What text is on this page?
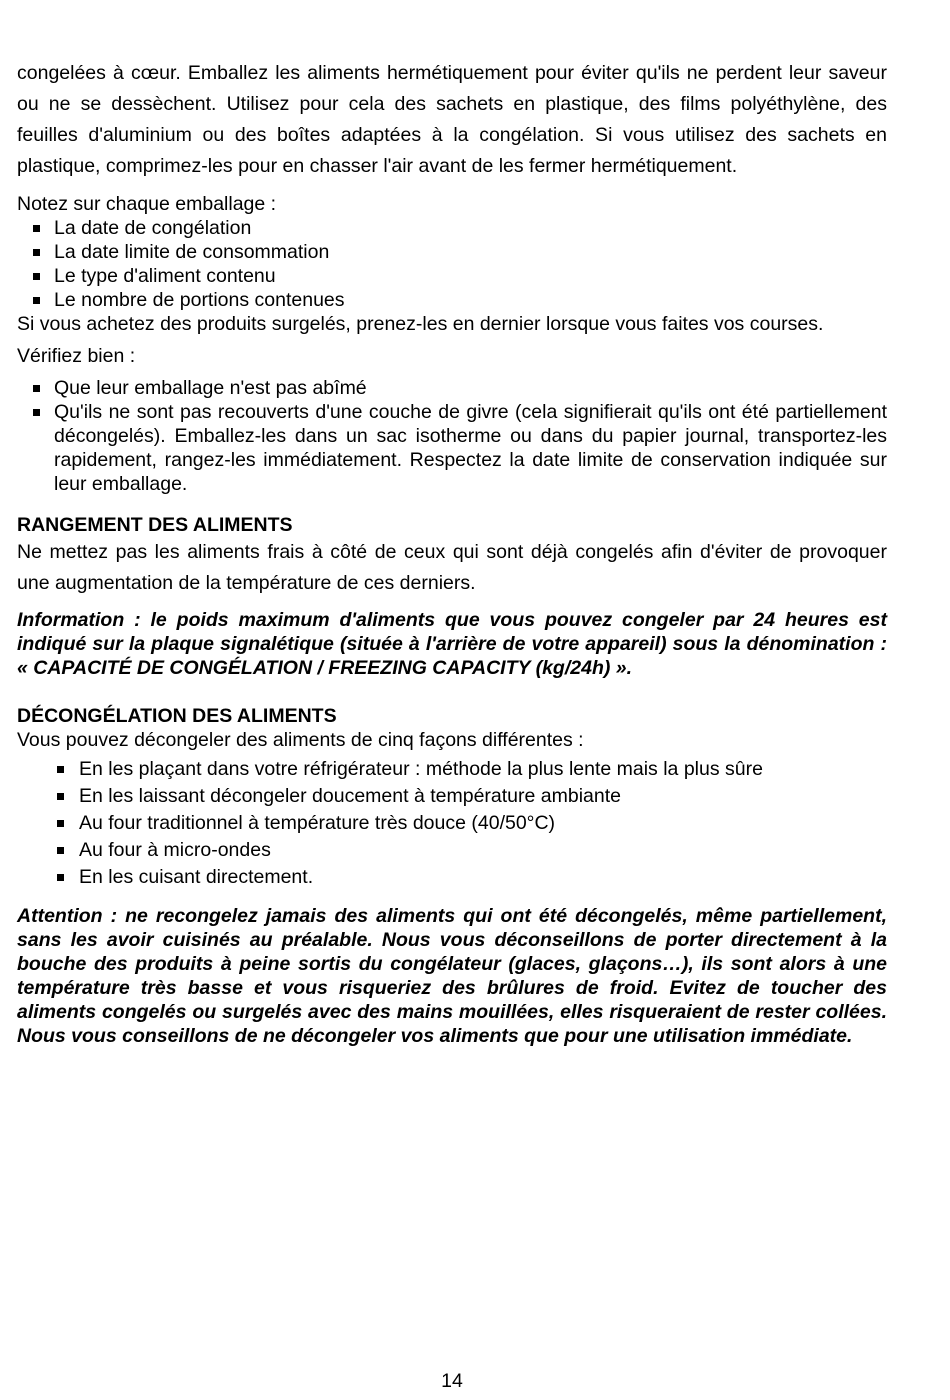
congelées à cœur. Emballez les aliments hermétiquement pour éviter qu'ils ne perdent leur saveur ou ne se dessèchent. Utilisez pour cela des sachets en plastique, des films polyéthylène, des feuilles d'aluminium ou des boîtes adaptées à la congélation. Si vous utilisez des sachets en plastique, comprimez-les pour en chasser l'air avant de les fermer hermétiquement.

Notez sur chaque emballage :

La date de congélation
La date limite de consommation
Le type d'aliment contenu
Le nombre de portions contenues

Si vous achetez des produits surgelés, prenez-les en dernier lorsque vous faites vos courses.

Vérifiez bien :

Que leur emballage n'est pas abîmé
Qu'ils ne sont pas recouverts d'une couche de givre (cela signifierait qu'ils ont été partiellement décongelés). Emballez-les dans un sac isotherme ou dans du papier journal, transportez-les rapidement, rangez-les immédiatement. Respectez la date limite de conservation indiquée sur leur emballage.
RANGEMENT DES ALIMENTS

Ne mettez pas les aliments frais à côté de ceux qui sont déjà congelés afin d'éviter de provoquer une augmentation de la température de ces derniers.

Information : le poids maximum d'aliments que vous pouvez congeler par 24 heures est indiqué sur la plaque signalétique (située à l'arrière de votre appareil) sous la dénomination : « CAPACITÉ DE CONGÉLATION / FREEZING CAPACITY (kg/24h) ».

DÉCONGÉLATION DES ALIMENTS

Vous pouvez décongeler des aliments de cinq façons différentes :

En les plaçant dans votre réfrigérateur : méthode la plus lente mais la plus sûre
En les laissant décongeler doucement à température ambiante
Au four traditionnel à température très douce (40/50°C)
Au four à micro-ondes
En les cuisant directement.

Attention : ne recongelez jamais des aliments qui ont été décongelés, même partiellement, sans les avoir cuisinés au préalable. Nous vous déconseillons de porter directement à la bouche des produits à peine sortis du congélateur (glaces, glaçons…), ils sont alors à une température très basse et vous risqueriez des brûlures de froid. Evitez de toucher des aliments congelés ou surgelés avec des mains mouillées, elles risqueraient de rester collées. Nous vous conseillons de ne décongeler vos aliments que pour une utilisation immédiate.

14
